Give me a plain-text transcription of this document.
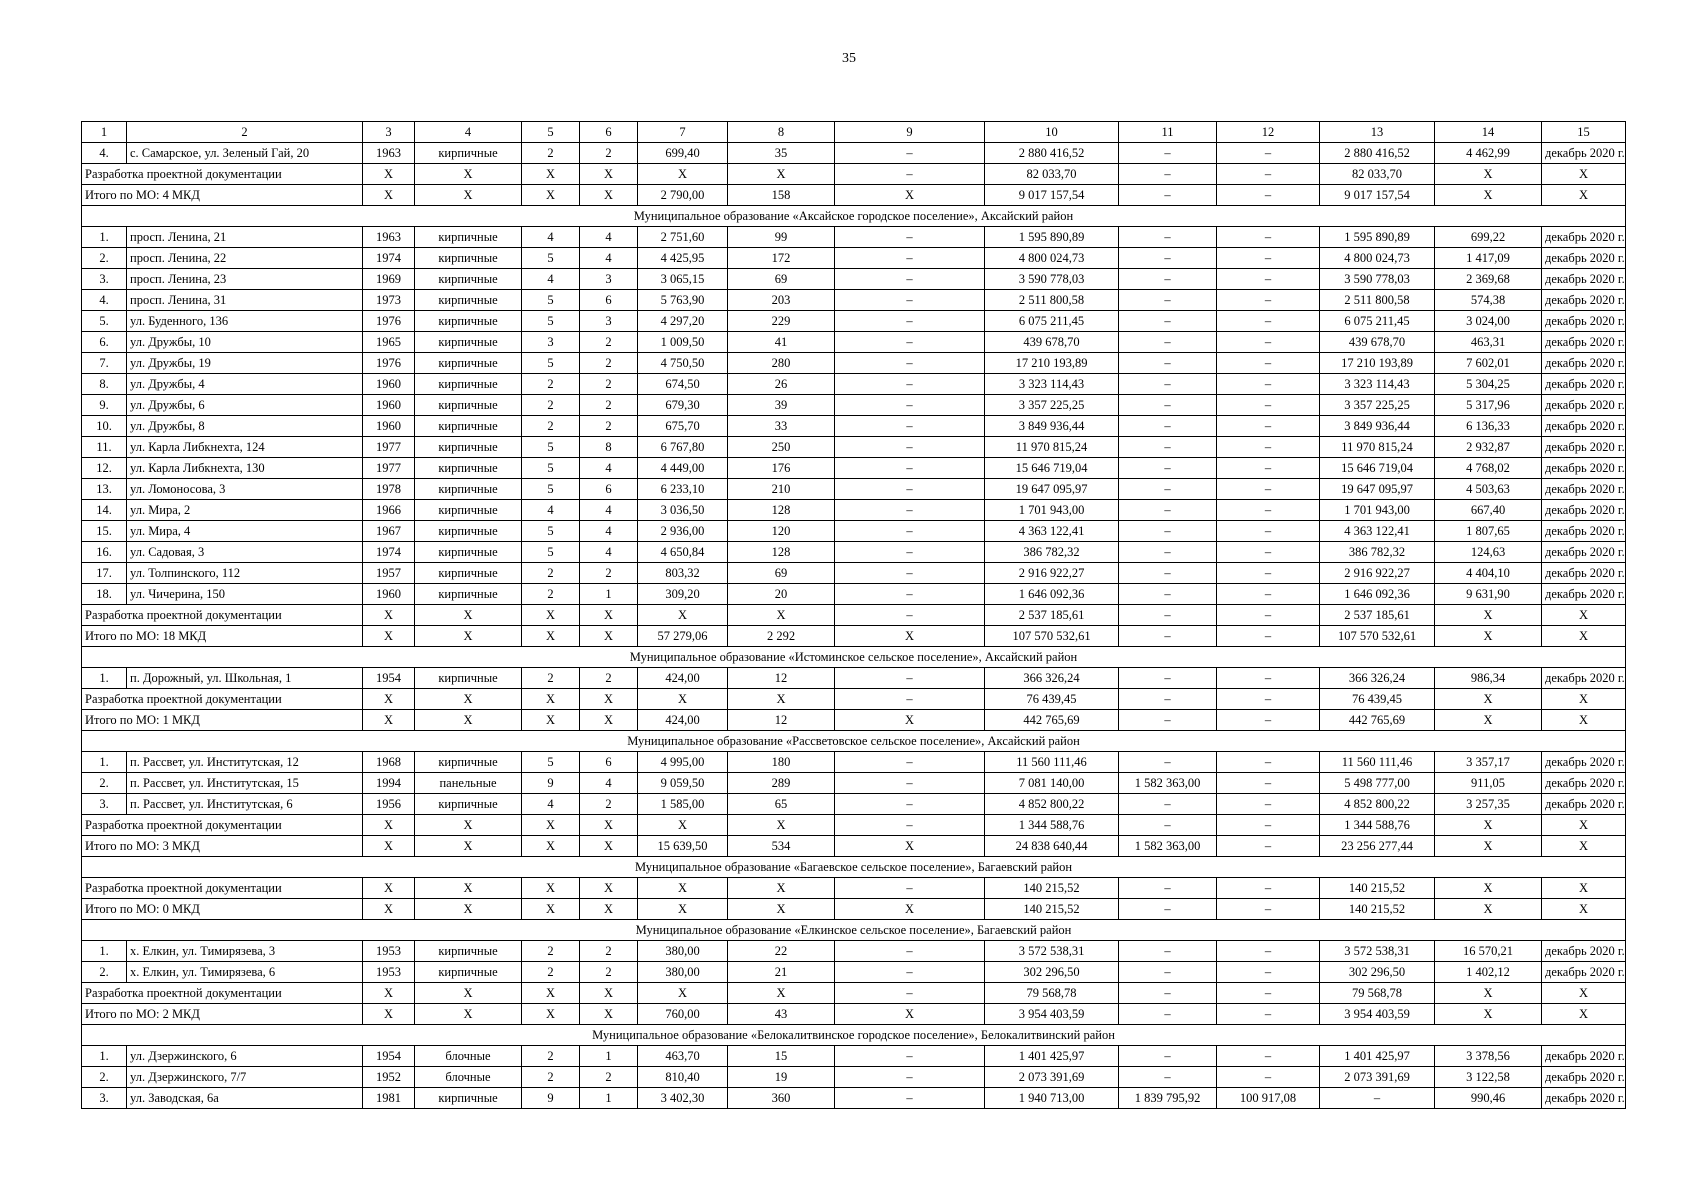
35
1	2	3	4	5	6	7	8	9	10	11	12	13	14	15
4.	с. Самарское, ул. Зеленый Гай, 20	1963	кирпичные	2	2	699,40	35	–	2 880 416,52	–	–	2 880 416,52	4 462,99	декабрь 2020 г.
Разработка проектной документации		X	X	X	X	X	X	–	82 033,70	–	–	82 033,70	X	X
Итого по МО: 4 МКД		X	X	X	X	2 790,00	158	X	9 017 157,54	–	–	9 017 157,54	X	X
Муниципальное образование «Аксайское городское поселение», Аксайский район														
1.	просп. Ленина, 21	1963	кирпичные	4	4	2 751,60	99	–	1 595 890,89	–	–	1 595 890,89	699,22	декабрь 2020 г.
2.	просп. Ленина, 22	1974	кирпичные	5	4	4 425,95	172	–	4 800 024,73	–	–	4 800 024,73	1 417,09	декабрь 2020 г.
3.	просп. Ленина, 23	1969	кирпичные	4	3	3 065,15	69	–	3 590 778,03	–	–	3 590 778,03	2 369,68	декабрь 2020 г.
4.	просп. Ленина, 31	1973	кирпичные	5	6	5 763,90	203	–	2 511 800,58	–	–	2 511 800,58	574,38	декабрь 2020 г.
5.	ул. Буденного, 136	1976	кирпичные	5	3	4 297,20	229	–	6 075 211,45	–	–	6 075 211,45	3 024,00	декабрь 2020 г.
6.	ул. Дружбы, 10	1965	кирпичные	3	2	1 009,50	41	–	439 678,70	–	–	439 678,70	463,31	декабрь 2020 г.
7.	ул. Дружбы, 19	1976	кирпичные	5	2	4 750,50	280	–	17 210 193,89	–	–	17 210 193,89	7 602,01	декабрь 2020 г.
8.	ул. Дружбы, 4	1960	кирпичные	2	2	674,50	26	–	3 323 114,43	–	–	3 323 114,43	5 304,25	декабрь 2020 г.
9.	ул. Дружбы, 6	1960	кирпичные	2	2	679,30	39	–	3 357 225,25	–	–	3 357 225,25	5 317,96	декабрь 2020 г.
10.	ул. Дружбы, 8	1960	кирпичные	2	2	675,70	33	–	3 849 936,44	–	–	3 849 936,44	6 136,33	декабрь 2020 г.
11.	ул. Карла Либкнехта, 124	1977	кирпичные	5	8	6 767,80	250	–	11 970 815,24	–	–	11 970 815,24	2 932,87	декабрь 2020 г.
12.	ул. Карла Либкнехта, 130	1977	кирпичные	5	4	4 449,00	176	–	15 646 719,04	–	–	15 646 719,04	4 768,02	декабрь 2020 г.
13.	ул. Ломоносова, 3	1978	кирпичные	5	6	6 233,10	210	–	19 647 095,97	–	–	19 647 095,97	4 503,63	декабрь 2020 г.
14.	ул. Мира, 2	1966	кирпичные	4	4	3 036,50	128	–	1 701 943,00	–	–	1 701 943,00	667,40	декабрь 2020 г.
15.	ул. Мира, 4	1967	кирпичные	5	4	2 936,00	120	–	4 363 122,41	–	–	4 363 122,41	1 807,65	декабрь 2020 г.
16.	ул. Садовая, 3	1974	кирпичные	5	4	4 650,84	128	–	386 782,32	–	–	386 782,32	124,63	декабрь 2020 г.
17.	ул. Толпинского, 112	1957	кирпичные	2	2	803,32	69	–	2 916 922,27	–	–	2 916 922,27	4 404,10	декабрь 2020 г.
18.	ул. Чичерина, 150	1960	кирпичные	2	1	309,20	20	–	1 646 092,36	–	–	1 646 092,36	9 631,90	декабрь 2020 г.
Разработка проектной документации		X	X	X	X	X	X	–	2 537 185,61	–	–	2 537 185,61	X	X
Итого по МО: 18 МКД		X	X	X	X	57 279,06	2 292	X	107 570 532,61	–	–	107 570 532,61	X	X
Муниципальное образование «Истоминское сельское поселение», Аксайский район														
1.	п. Дорожный, ул. Школьная, 1	1954	кирпичные	2	2	424,00	12	–	366 326,24	–	–	366 326,24	986,34	декабрь 2020 г.
Разработка проектной документации		X	X	X	X	X	X	–	76 439,45	–	–	76 439,45	X	X
Итого по МО: 1 МКД		X	X	X	X	424,00	12	X	442 765,69	–	–	442 765,69	X	X
Муниципальное образование «Рассветовское сельское поселение», Аксайский район														
1.	п. Рассвет, ул. Институтская, 12	1968	кирпичные	5	6	4 995,00	180	–	11 560 111,46	–	–	11 560 111,46	3 357,17	декабрь 2020 г.
2.	п. Рассвет, ул. Институтская, 15	1994	панельные	9	4	9 059,50	289	–	7 081 140,00	1 582 363,00	–	5 498 777,00	911,05	декабрь 2020 г.
3.	п. Рассвет, ул. Институтская, 6	1956	кирпичные	4	2	1 585,00	65	–	4 852 800,22	–	–	4 852 800,22	3 257,35	декабрь 2020 г.
Разработка проектной документации		X	X	X	X	X	X	–	1 344 588,76	–	–	1 344 588,76	X	X
Итого по МО: 3 МКД		X	X	X	X	15 639,50	534	X	24 838 640,44	1 582 363,00	–	23 256 277,44	X	X
Муниципальное образование «Багаевское сельское поселение», Багаевский район														
Разработка проектной документации		X	X	X	X	X	X	–	140 215,52	–	–	140 215,52	X	X
Итого по МО: 0 МКД		X	X	X	X	X	X	X	140 215,52	–	–	140 215,52	X	X
Муниципальное образование «Елкинское сельское поселение», Багаевский район														
1.	х. Елкин, ул. Тимирязева, 3	1953	кирпичные	2	2	380,00	22	–	3 572 538,31	–	–	3 572 538,31	16 570,21	декабрь 2020 г.
2.	х. Елкин, ул. Тимирязева, 6	1953	кирпичные	2	2	380,00	21	–	302 296,50	–	–	302 296,50	1 402,12	декабрь 2020 г.
Разработка проектной документации		X	X	X	X	X	X	–	79 568,78	–	–	79 568,78	X	X
Итого по МО: 2 МКД		X	X	X	X	760,00	43	X	3 954 403,59	–	–	3 954 403,59	X	X
Муниципальное образование «Белокалитвинское городское поселение», Белокалитвинский район														
1.	ул. Дзержинского, 6	1954	блочные	2	1	463,70	15	–	1 401 425,97	–	–	1 401 425,97	3 378,56	декабрь 2020 г.
2.	ул. Дзержинского, 7/7	1952	блочные	2	2	810,40	19	–	2 073 391,69	–	–	2 073 391,69	3 122,58	декабрь 2020 г.
3.	ул. Заводская, 6а	1981	кирпичные	9	1	3 402,30	360	–	1 940 713,00	1 839 795,92	100 917,08	–	990,46	декабрь 2020 г.
